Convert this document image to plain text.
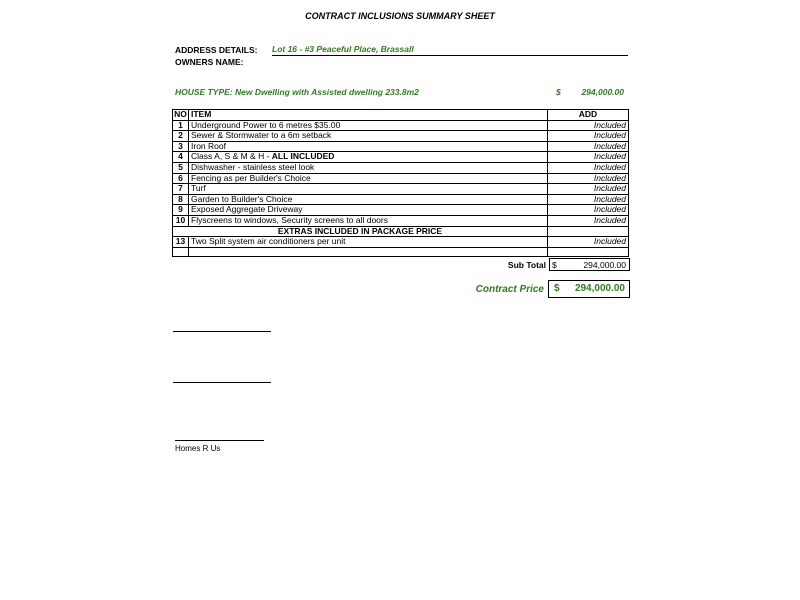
CONTRACT INCLUSIONS SUMMARY SHEET
ADDRESS DETAILS: Lot 16 - #3 Peaceful Place, Brassall
OWNERS NAME:
HOUSE TYPE: New Dwelling with Assisted dwelling 233.8m2	$	294,000.00
NO	ITEM	ADD
1	Underground Power to 6 metres $35.00	Included
2	Sewer & Stormwater to a 6m setback	Included
3	Iron Roof	Included
4	Class A, S & M & H - ALL INCLUDED	Included
5	Dishwasher - stainless steel look	Included
6	Fencing as per Builder's Choice	Included
7	Turf	Included
8	Garden to Builder's Choice	Included
9	Exposed Aggregate Driveway	Included
10	Flyscreens to windows, Security screens to all doors	Included
EXTRAS INCLUDED IN PACKAGE PRICE		
13	Two Split system air conditioners per unit	Included

Sub Total $	294,000.00
Contract Price $ 294,000.00
Homes R Us
